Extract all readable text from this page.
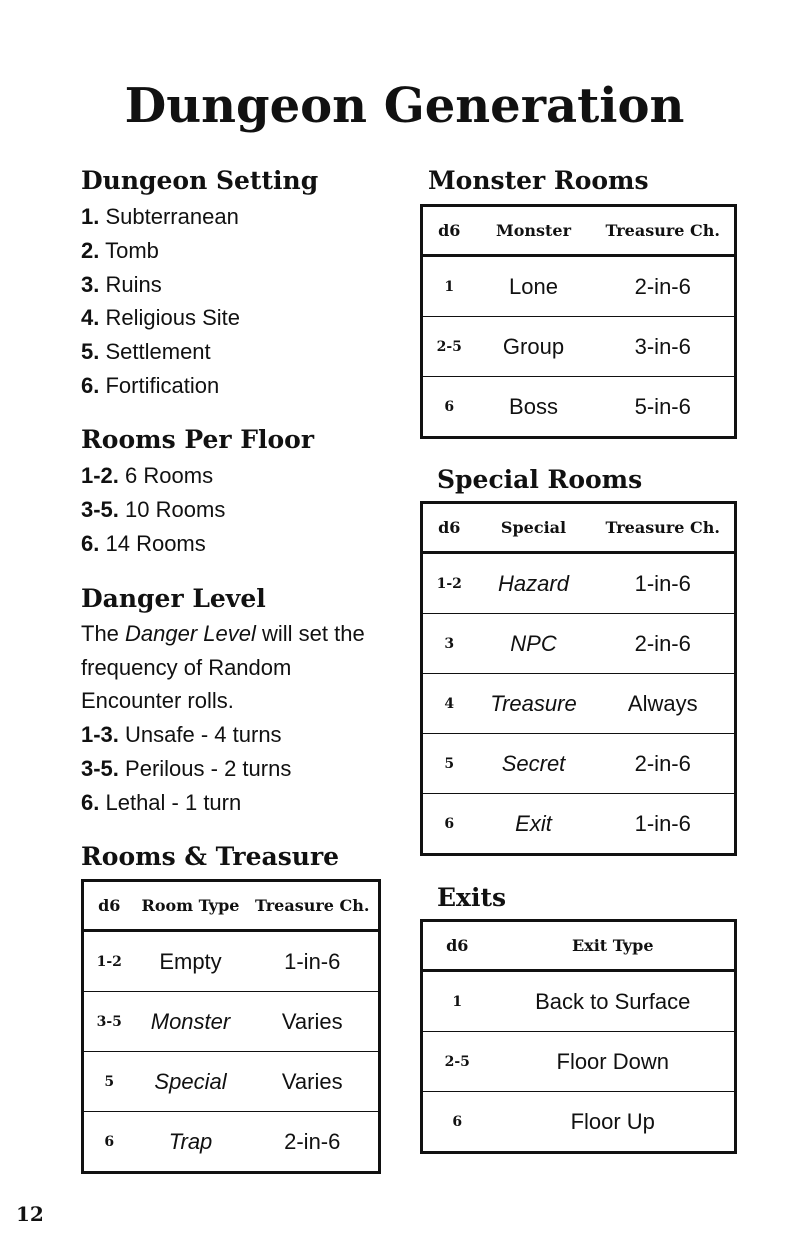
Dungeon Generation
Dungeon Setting
1. Subterranean
2. Tomb
3. Ruins
4. Religious Site
5. Settlement
6. Fortification
Rooms Per Floor
1-2. 6 Rooms
3-5. 10 Rooms
6. 14 Rooms
Danger Level

The Danger Level will set the frequency of Random Encounter rolls.

1-3. Unsafe - 4 turns
3-5. Perilous - 2 turns
6. Lethal - 1 turn
Rooms & Treasure
d6	Room Type	Treasure Ch.
1-2	Empty	1-in-6
3-5	Monster	Varies
5	Special	Varies
6	Trap	2-in-6
Monster Rooms
d6	Monster	Treasure Ch.
1	Lone	2-in-6
2-5	Group	3-in-6
6	Boss	5-in-6
Special Rooms
d6	Special	Treasure Ch.
1-2	Hazard	1-in-6
3	NPC	2-in-6
4	Treasure	Always
5	Secret	2-in-6
6	Exit	1-in-6
Exits
d6	Exit Type
1	Back to Surface
2-5	Floor Down
6	Floor Up
12
